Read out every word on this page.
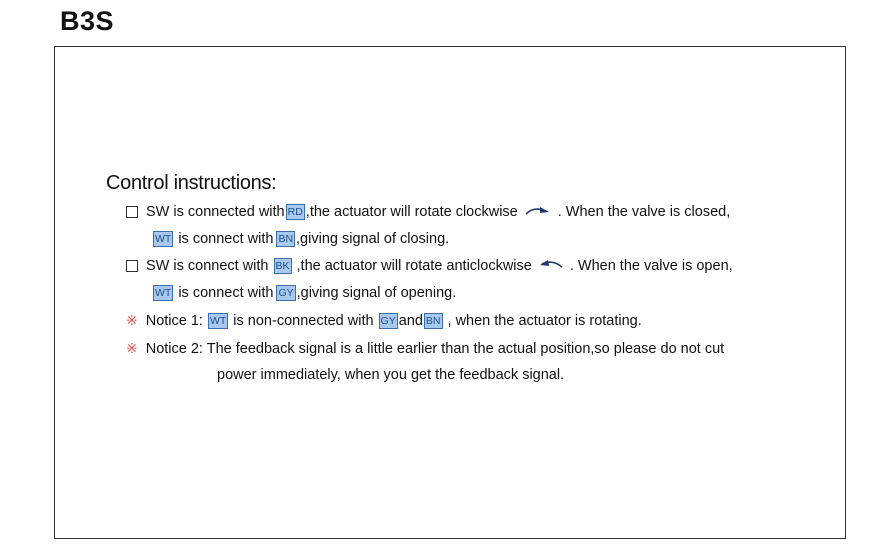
B3S
Control instructions:
SW is connected with RD ,the actuator will rotate clockwise	. When the valve is closed,
WT is connect with BN ,giving signal of closing.
SW is connect with BK ,the actuator will rotate anticlockwise	. When the valve is open,
WT is connect with GY ,giving signal of opening.
※ Notice 1: WT is non-connected with GY and BN , when the actuator is rotating.
※ Notice 2: The feedback signal is a little earlier than the actual position,so please do not cut
power immediately, when you get the feedback signal.
